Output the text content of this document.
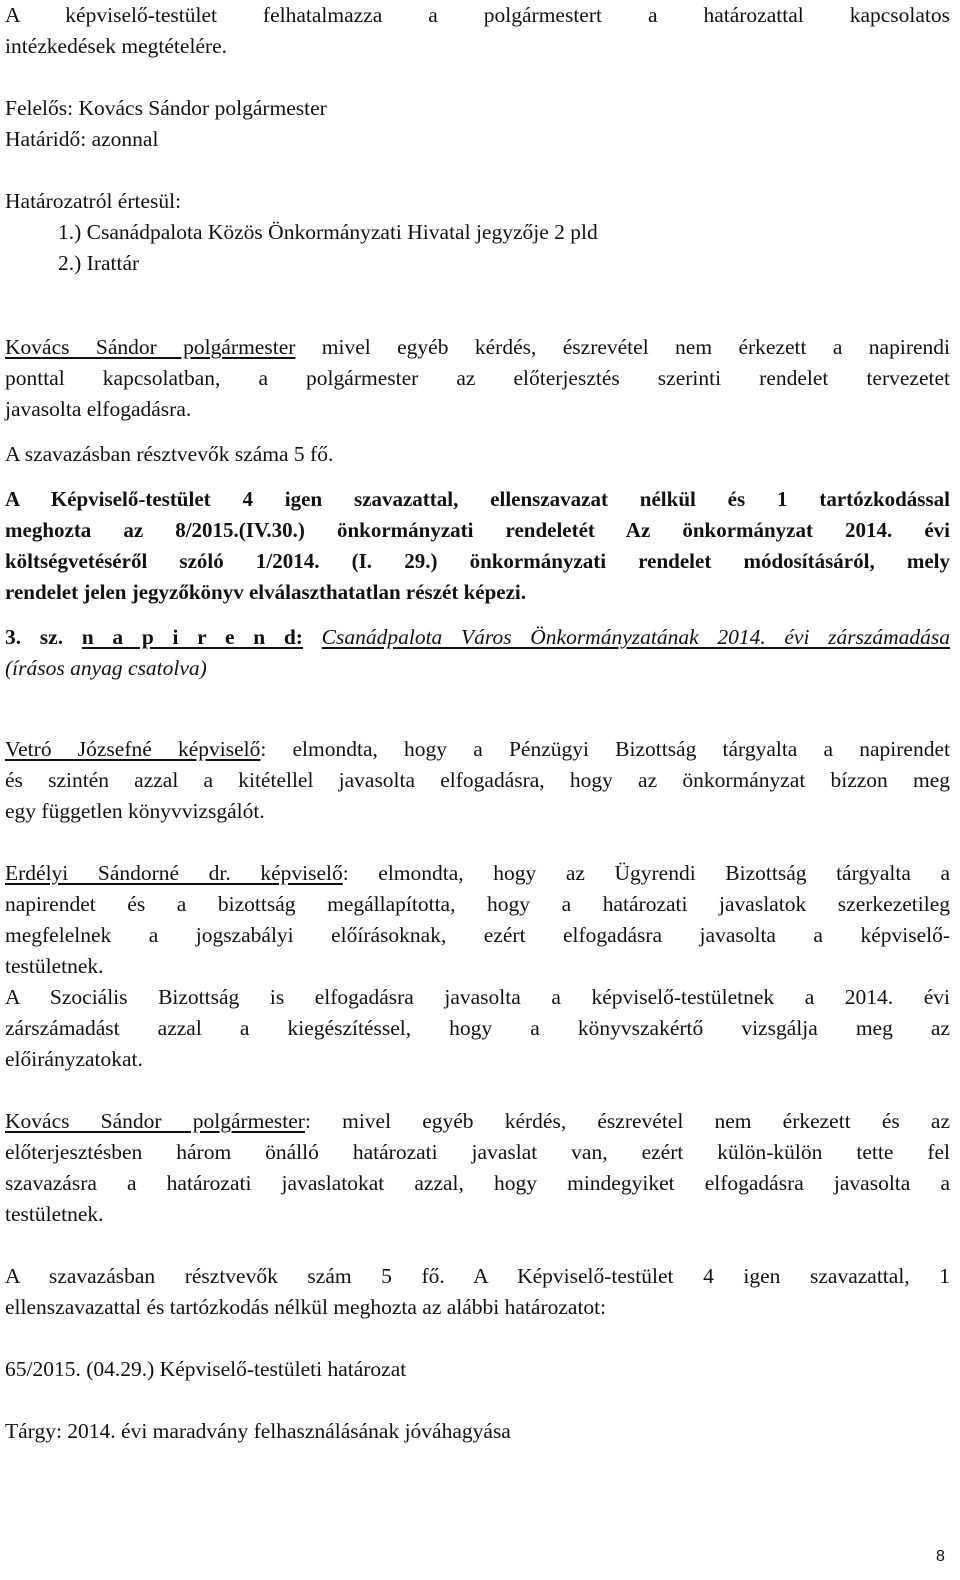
A képviselő-testület felhatalmazza a polgármestert a határozattal kapcsolatos

intézkedések megtételére.

Felelős: Kovács Sándor polgármester

Határidő: azonnal

Határozatról értesül:

1.) Csanádpalota Közös Önkormányzati Hivatal jegyzője 2 pld

2.) Irattár

Kovács Sándor polgármester mivel egyéb kérdés, észrevétel nem érkezett a napirendi

ponttal kapcsolatban, a polgármester az előterjesztés szerinti rendelet tervezetet

javasolta elfogadásra.

A szavazásban résztvevők száma 5 fő.

A Képviselő-testület 4 igen szavazattal, ellenszavazat nélkül és 1 tartózkodással

meghozta az 8/2015.(IV.30.) önkormányzati rendeletét Az önkormányzat 2014. évi

költségvetéséről szóló 1/2014. (I. 29.) önkormányzati rendelet módosításáról, mely

rendelet jelen jegyzőkönyv elválaszthatatlan részét képezi.

3. sz. n a p i r e n d: Csanádpalota Város Önkormányzatának 2014. évi zárszámadása

(írásos anyag csatolva)

Vetró Józsefné képviselő: elmondta, hogy a Pénzügyi Bizottság tárgyalta a napirendet

és szintén azzal a kitétellel javasolta elfogadásra, hogy az önkormányzat bízzon meg

egy független könyvvizsgálót.

Erdélyi Sándorné dr. képviselő: elmondta, hogy az Ügyrendi Bizottság tárgyalta a

napirendet és a bizottság megállapította, hogy a határozati javaslatok szerkezetileg

megfelelnek a jogszabályi előírásoknak, ezért elfogadásra javasolta a képviselő-

testületnek.

A Szociális Bizottság is elfogadásra javasolta a képviselő-testületnek a 2014. évi

zárszámadást azzal a kiegészítéssel, hogy a könyvszakértő vizsgálja meg az

előirányzatokat.

Kovács Sándor polgármester: mivel egyéb kérdés, észrevétel nem érkezett és az

előterjesztésben három önálló határozati javaslat van, ezért külön-külön tette fel

szavazásra a határozati javaslatokat azzal, hogy mindegyiket elfogadásra javasolta a

testületnek.

A szavazásban résztvevők szám 5 fő. A Képviselő-testület 4 igen szavazattal, 1

ellenszavazattal és tartózkodás nélkül meghozta az alábbi határozatot:

65/2015. (04.29.) Képviselő-testületi határozat

Tárgy: 2014. évi maradvány felhasználásának jóváhagyása

8
